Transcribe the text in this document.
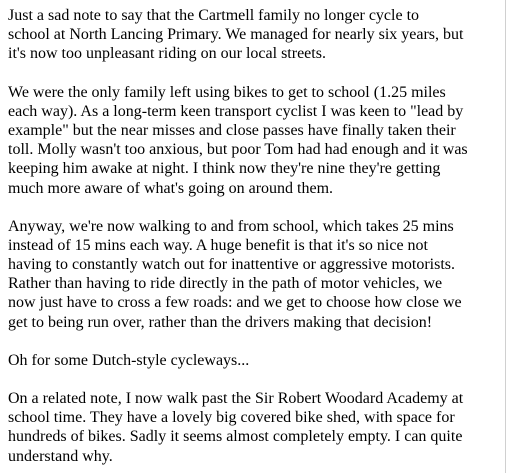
Just a sad note to say that the Cartmell family no longer cycle to
school at North Lancing Primary. We managed for nearly six years, but
it's now too unpleasant riding on our local streets.

We were the only family left using bikes to get to school (1.25 miles
each way). As a long-term keen transport cyclist I was keen to "lead by
example" but the near misses and close passes have finally taken their
toll. Molly wasn't too anxious, but poor Tom had had enough and it was
keeping him awake at night. I think now they're nine they're getting
much more aware of what's going on around them.

Anyway, we're now walking to and from school, which takes 25 mins
instead of 15 mins each way. A huge benefit is that it's so nice not
having to constantly watch out for inattentive or aggressive motorists.
Rather than having to ride directly in the path of motor vehicles, we
now just have to cross a few roads: and we get to choose how close we
get to being run over, rather than the drivers making that decision!

Oh for some Dutch-style cycleways...

On a related note, I now walk past the Sir Robert Woodard Academy at
school time. They have a lovely big covered bike shed, with space for
hundreds of bikes. Sadly it seems almost completely empty. I can quite
understand why.
